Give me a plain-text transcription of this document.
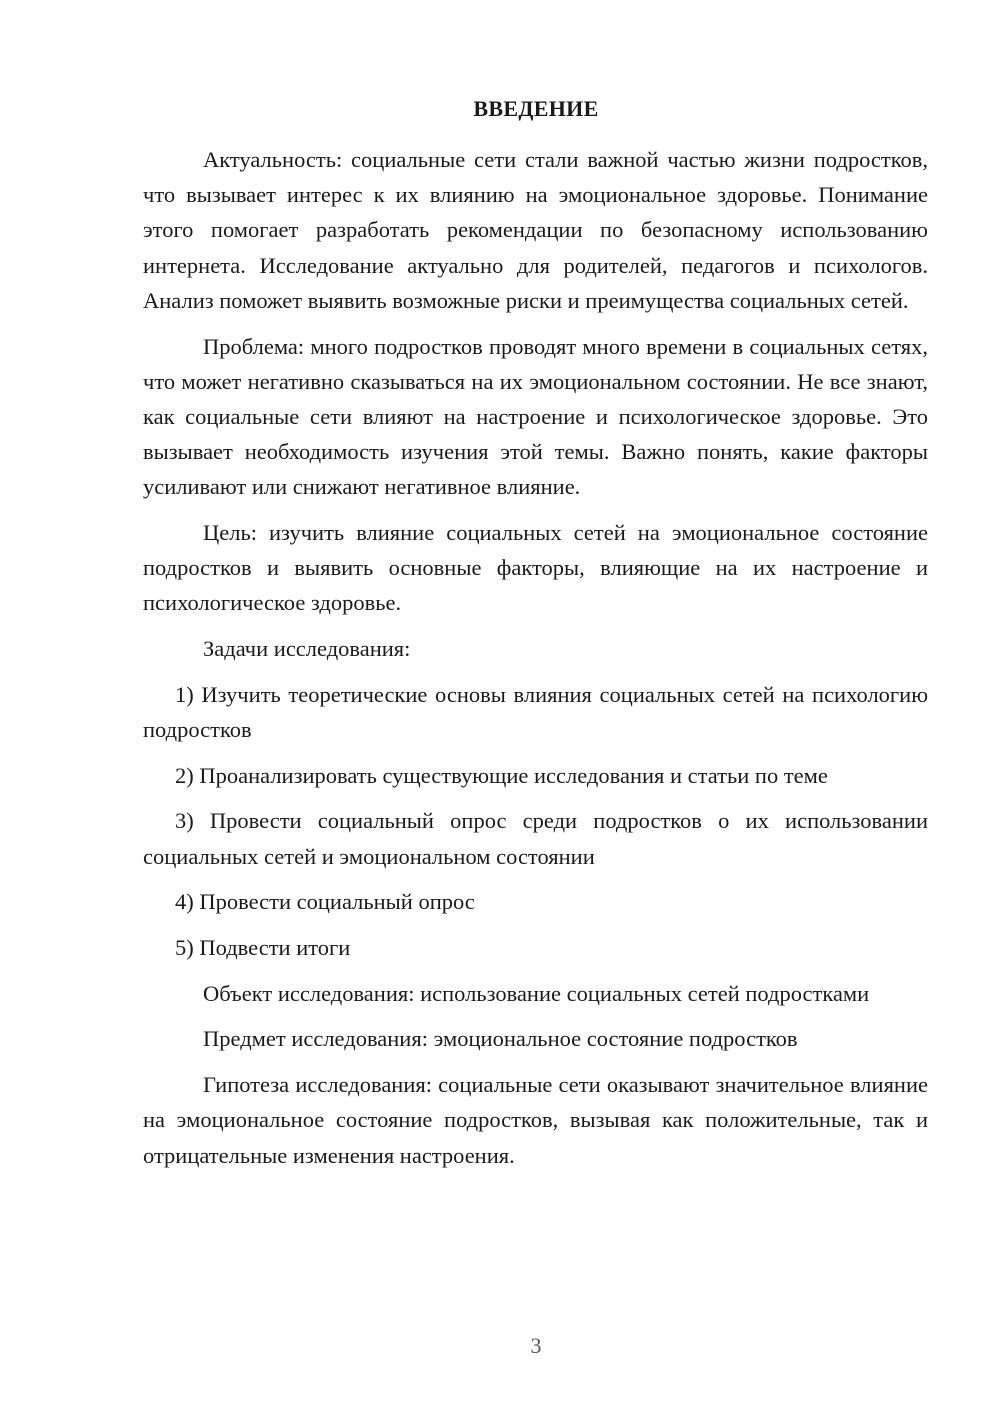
ВВЕДЕНИЕ

Актуальность: социальные сети стали важной частью жизни подростков, что вызывает интерес к их влиянию на эмоциональное здоровье. Понимание этого помогает разработать рекомендации по безопасному использованию интернета. Исследование актуально для родителей, педагогов и психологов. Анализ поможет выявить возможные риски и преимущества социальных сетей.

Проблема: много подростков проводят много времени в социальных сетях, что может негативно сказываться на их эмоциональном состоянии. Не все знают, как социальные сети влияют на настроение и психологическое здоровье. Это вызывает необходимость изучения этой темы. Важно понять, какие факторы усиливают или снижают негативное влияние.

Цель: изучить влияние социальных сетей на эмоциональное состояние подростков и выявить основные факторы, влияющие на их настроение и психологическое здоровье.

Задачи исследования:

1) Изучить теоретические основы влияния социальных сетей на психологию подростков

2) Проанализировать существующие исследования и статьи по теме

3) Провести социальный опрос среди подростков о их использовании социальных сетей и эмоциональном состоянии

4) Провести социальный опрос

5) Подвести итоги

Объект исследования: использование социальных сетей подростками

Предмет исследования: эмоциональное состояние подростков

Гипотеза исследования: социальные сети оказывают значительное влияние на эмоциональное состояние подростков, вызывая как положительные, так и отрицательные изменения настроения.

3
